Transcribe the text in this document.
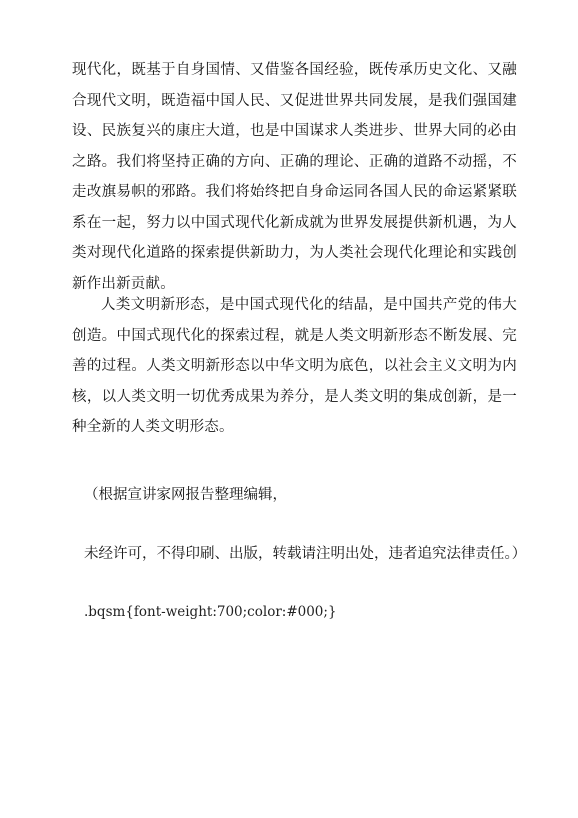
现代化，既基于自身国情、又借鉴各国经验，既传承历史文化、又融合现代文明，既造福中国人民、又促进世界共同发展，是我们强国建设、民族复兴的康庄大道，也是中国谋求人类进步、世界大同的必由之路。我们将坚持正确的方向、正确的理论、正确的道路不动摇，不走改旗易帜的邪路。我们将始终把自身命运同各国人民的命运紧紧联系在一起，努力以中国式现代化新成就为世界发展提供新机遇，为人类对现代化道路的探索提供新助力，为人类社会现代化理论和实践创新作出新贡献。

人类文明新形态，是中国式现代化的结晶，是中国共产党的伟大创造。中国式现代化的探索过程，就是人类文明新形态不断发展、完善的过程。人类文明新形态以中华文明为底色，以社会主义文明为内核，以人类文明一切优秀成果为养分，是人类文明的集成创新，是一种全新的人类文明形态。

（根据宣讲家网报告整理编辑，

未经许可，不得印刷、出版，转载请注明出处，违者追究法律责任。）

.bqsm{font-weight:700;color:#000;}
